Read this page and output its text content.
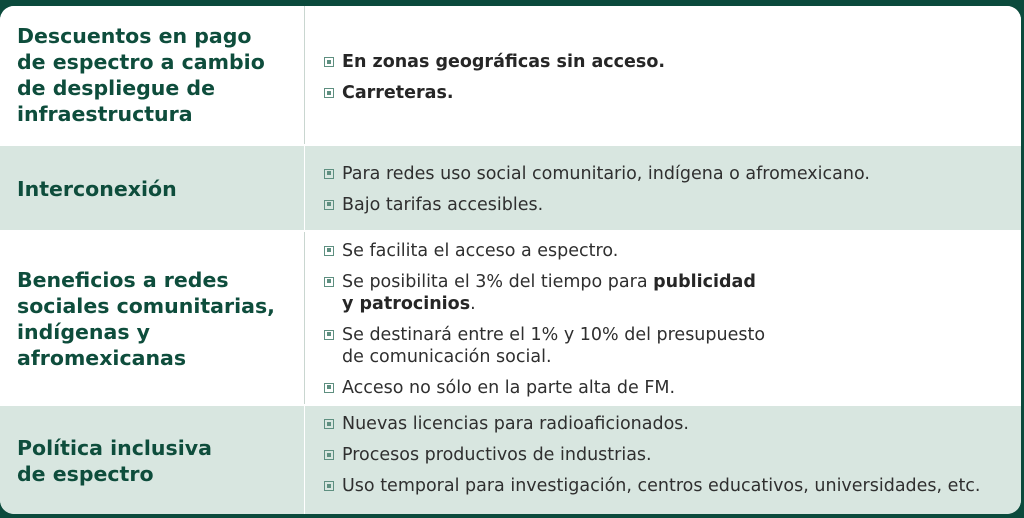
Descuentos en pago
de espectro a cambio
de despliegue de
infraestructura

En zonas geográficas sin acceso.
Carreteras.

Interconexión

Para redes uso social comunitario, indígena o afromexicano.
Bajo tarifas accesibles.

Beneficios a redes
sociales comunitarias,
indígenas y
afromexicanas

Se facilita el acceso a espectro.
Se posibilita el 3% del tiempo para publicidad
y patrocinios.
Se destinará entre el 1% y 10% del presupuesto
de comunicación social.
Acceso no sólo en la parte alta de FM.

Política inclusiva
de espectro

Nuevas licencias para radioaficionados.
Procesos productivos de industrias.
Uso temporal para investigación, centros educativos, universidades, etc.
